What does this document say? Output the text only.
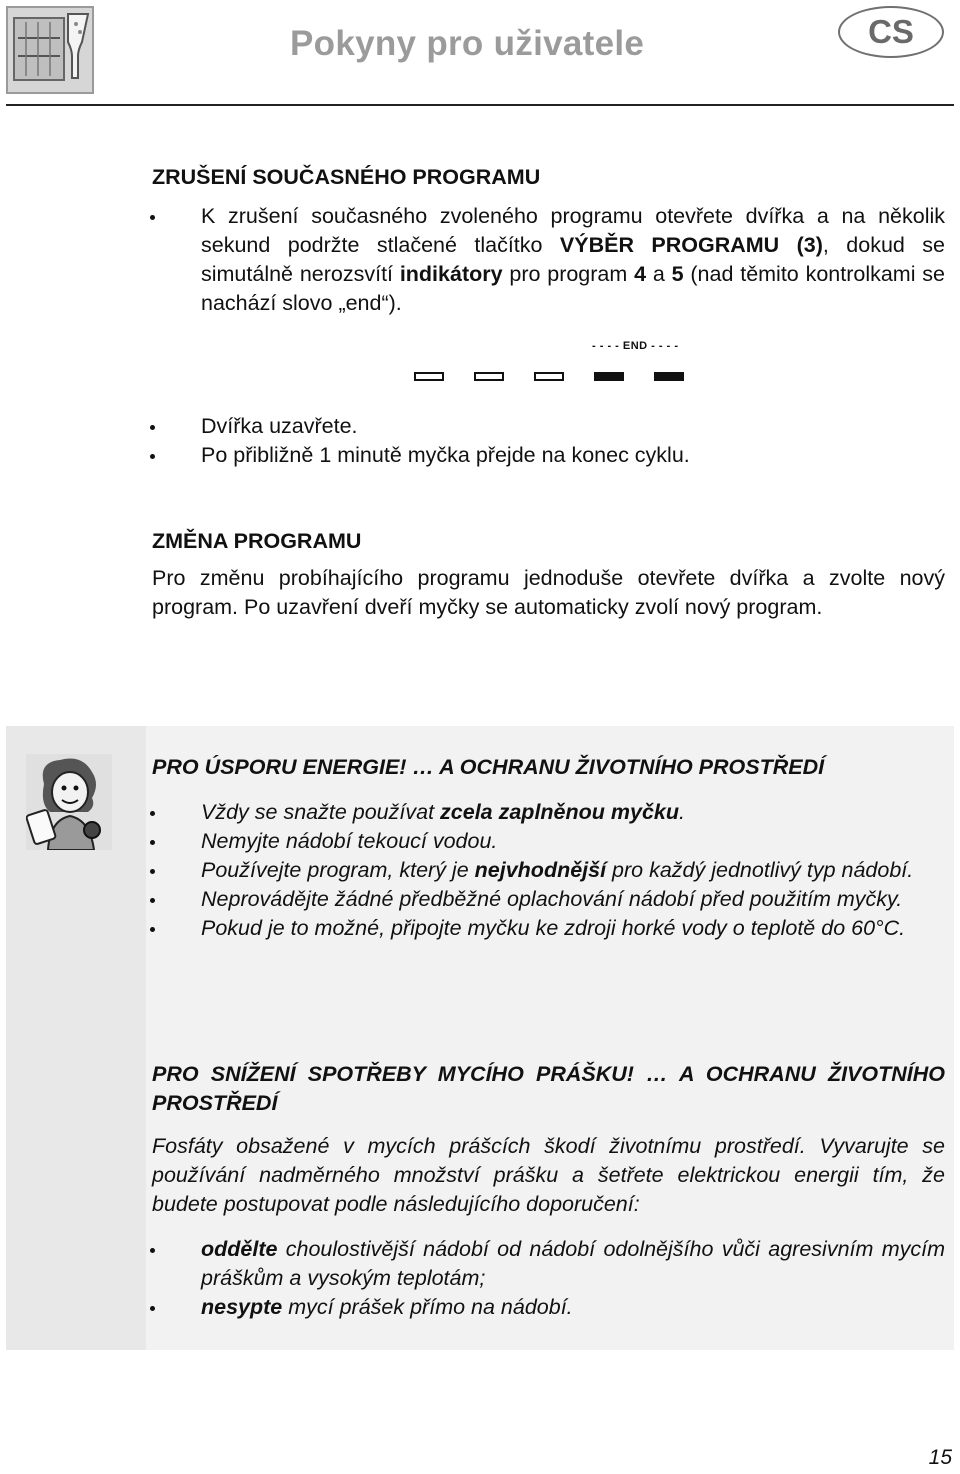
Pokyny pro uživatele	CS
ZRUŠENÍ SOUČASNÉHO PROGRAMU
K zrušení současného zvoleného programu otevřete dvířka a na několik sekund podržte stlačené tlačítko VÝBĚR PROGRAMU (3), dokud se simutálně nerozsvítí indikátory pro program 4 a 5 (nad těmito kontrolkami se nachází slovo „end“).
- - - - END - - - -
Dvířka uzavřete.
Po přibližně 1 minutě myčka přejde na konec cyklu.
ZMĚNA PROGRAMU
Pro změnu probíhajícího programu jednoduše otevřete dvířka a zvolte nový program. Po uzavření dveří myčky se automaticky zvolí nový program.
PRO ÚSPORU ENERGIE! … A OCHRANU ŽIVOTNÍHO PROSTŘEDÍ
Vždy se snažte používat zcela zaplněnou myčku.
Nemyjte nádobí tekoucí vodou.
Používejte program, který je nejvhodnější pro každý jednotlivý typ nádobí.
Neprovádějte žádné předběžné oplachování nádobí před použitím myčky.
Pokud je to možné, připojte myčku ke zdroji horké vody o teplotě do 60°C.
PRO SNÍŽENÍ SPOTŘEBY MYCÍHO PRÁŠKU! … A OCHRANU ŽIVOTNÍHO PROSTŘEDÍ
Fosfáty obsažené v mycích prášcích škodí životnímu prostředí. Vyvarujte se používání nadměrného množství prášku a šetřete elektrickou energii tím, že budete postupovat podle následujícího doporučení:
oddělte choulostivější nádobí od nádobí odolnějšího vůči agresivním mycím práškům a vysokým teplotám;
nesypte mycí prášek přímo na nádobí.
15
